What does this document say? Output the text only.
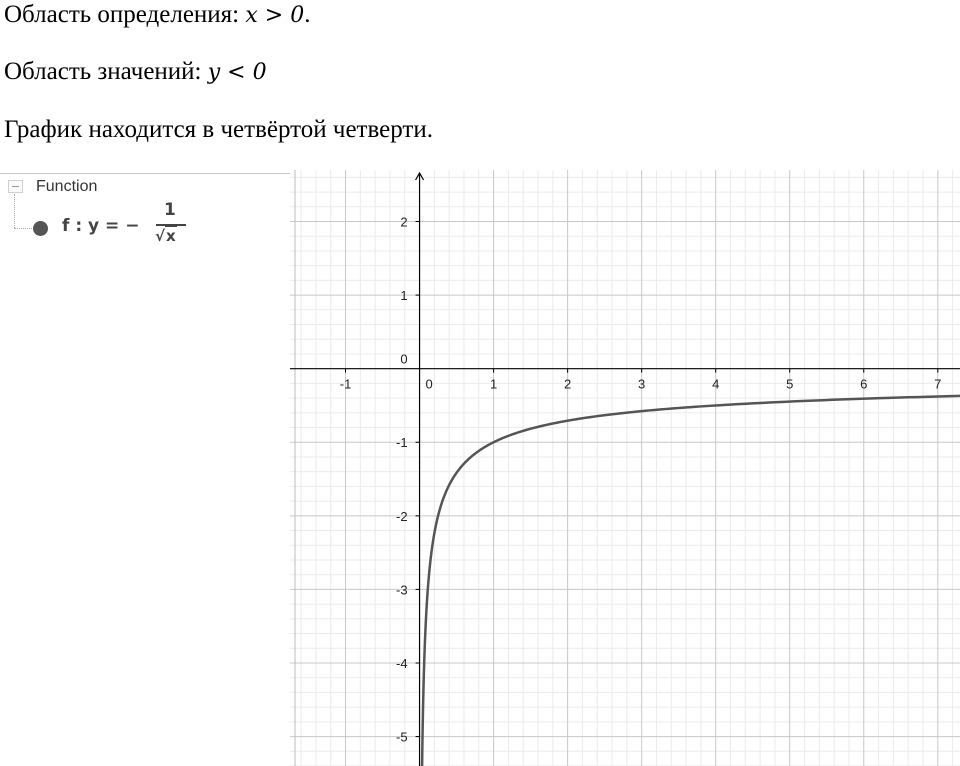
Область определения: x > 0.
Область значений: y < 0
График находится в четвёртой четверти.
Function
f : y = −
1
√x
-1	0	1	2	3	4	5	6	7
-5
-4
-3
-2
-1
0
1
2
